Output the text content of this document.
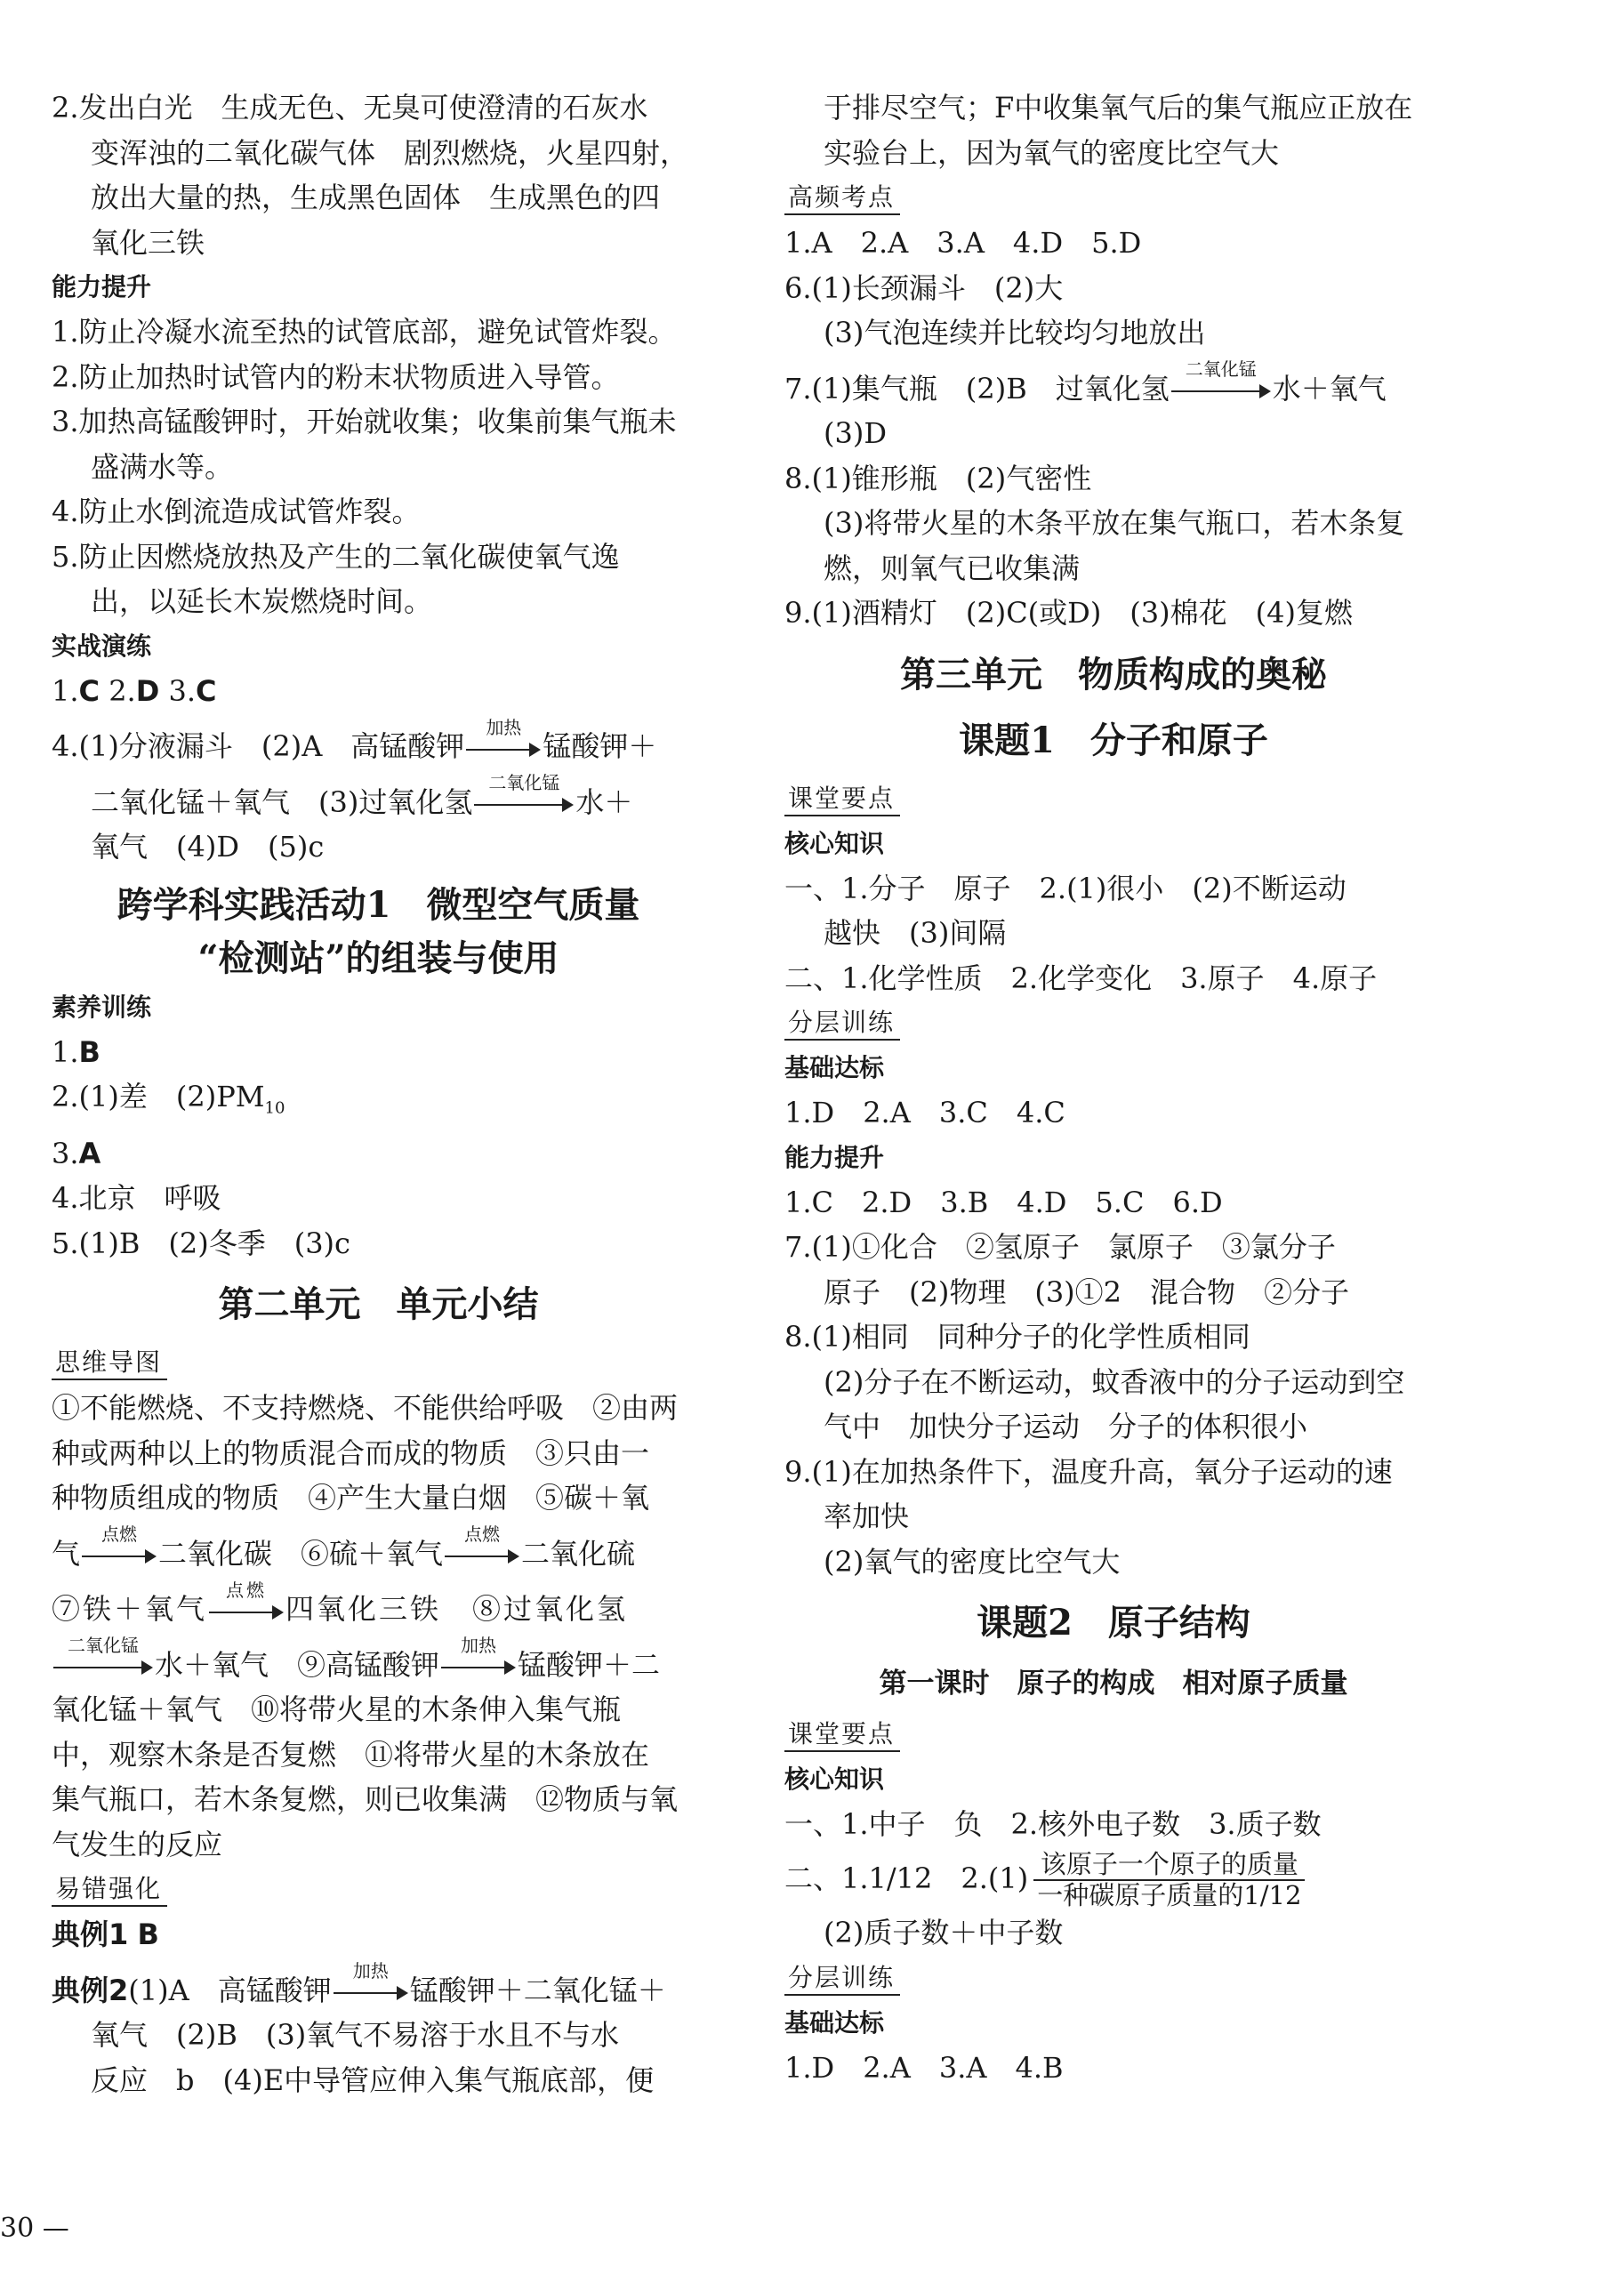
2.发出白光　生成无色、无臭可使澄清的石灰水
变浑浊的二氧化碳气体　剧烈燃烧，火星四射，
放出大量的热，生成黑色固体　生成黑色的四
氧化三铁
能力提升
1.防止冷凝水流至热的试管底部，避免试管炸裂。
2.防止加热时试管内的粉末状物质进入导管。
3.加热高锰酸钾时，开始就收集；收集前集气瓶未
盛满水等。
4.防止水倒流造成试管炸裂。
5.防止因燃烧放热及产生的二氧化碳使氧气逸
出，以延长木炭燃烧时间。
实战演练
1.C 2.D 3.C
4.(1)分液漏斗　(2)A　高锰酸钾
加热
锰酸钾＋
二氧化锰＋氧气　(3)过氧化氢
二氧化锰
水＋
氧气　(4)D　(5)c
跨学科实践活动1　微型空气质量
“检测站”的组装与使用
素养训练
1.B
2.(1)差　$(2)PM_{10}$
3.A
4.北京　呼吸
5.(1)B　(2)冬季　(3)c
第二单元　单元小结
思维导图
①不能燃烧、不支持燃烧、不能供给呼吸　②由两
种或两种以上的物质混合而成的物质　③只由一
种物质组成的物质　④产生大量白烟　⑤碳＋氧
气
点燃
二氧化碳　⑥硫＋氧气
点燃
二氧化硫
⑦铁＋氧气
点燃
四氧化三铁　⑧过氧化氢
二氧化锰
水＋氧气　⑨高锰酸钾
加热
锰酸钾＋二
氧化锰＋氧气　⑩将带火星的木条伸入集气瓶
中，观察木条是否复燃　⑪将带火星的木条放在
集气瓶口，若木条复燃，则已收集满　⑫物质与氧
气发生的反应
易错强化
典例1 B
典例2(1)A　高锰酸钾
加热
锰酸钾＋二氧化锰＋
氧气　(2)B　(3)氧气不易溶于水且不与水
反应　b　(4)E中导管应伸入集气瓶底部，便
于排尽空气；F中收集氧气后的集气瓶应正放在
实验台上，因为氧气的密度比空气大
高频考点
1.A　2.A　3.A　4.D　5.D
6.(1)长颈漏斗　(2)大
(3)气泡连续并比较均匀地放出
7.(1)集气瓶　(2)B　过氧化氢
二氧化锰
水＋氧气
(3)D
8.(1)锥形瓶　(2)气密性
(3)将带火星的木条平放在集气瓶口，若木条复
燃，则氧气已收集满
9.(1)酒精灯　(2)C(或D)　(3)棉花　(4)复燃
第三单元　物质构成的奥秘
课题1　分子和原子
课堂要点
核心知识
一、1.分子　原子　2.(1)很小　(2)不断运动
越快　(3)间隔
二、1.化学性质　2.化学变化　3.原子　4.原子
分层训练
基础达标
1.D　2.A　3.C　4.C
能力提升
1.C　2.D　3.B　4.D　5.C　6.D
7.(1)①化合　②氢原子　氯原子　③氯分子
原子　(2)物理　(3)①2　混合物　②分子
8.(1)相同　同种分子的化学性质相同
(2)分子在不断运动，蚊香液中的分子运动到空
气中　加快分子运动　分子的体积很小
9.(1)在加热条件下，温度升高，氧分子运动的速
率加快
(2)氧气的密度比空气大
课题2　原子结构
第一课时　原子的构成　相对原子质量
课堂要点
核心知识
一、1.中子　负　2.核外电子数　3.质子数
二、1.1/12　$2.(1) \frac{\text{该原子一个原子的质量}}{\text{一种碳原子质量的1/12}}$
(2)质子数＋中子数
分层训练
基础达标
1.D　2.A　3.A　4.B
30 —
